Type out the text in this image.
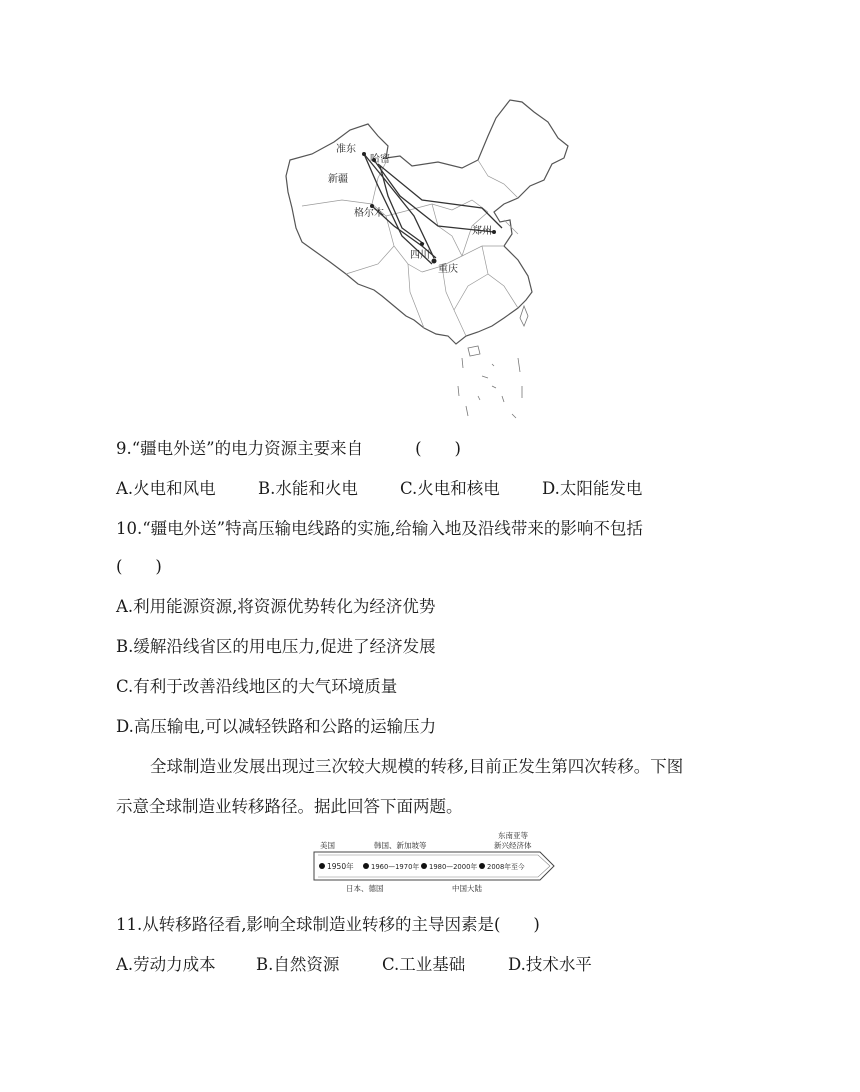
准东
哈密
新疆
格尔木
郑州
四川
重庆
9.“疆电外送”的电力资源主要来自	(　　)
A.火电和风电	B.水能和火电	C.火电和核电	D.太阳能发电
10.“疆电外送”特高压输电线路的实施,给输入地及沿线带来的影响不包括
(　　)
A.利用能源资源,将资源优势转化为经济优势
B.缓解沿线省区的用电压力,促进了经济发展
C.有利于改善沿线地区的大气环境质量
D.高压输电,可以减轻铁路和公路的运输压力
全球制造业发展出现过三次较大规模的转移,目前正发生第四次转移。下图
示意全球制造业转移路径。据此回答下面两题。
美国	韩国、新加坡等
东南亚等
新兴经济体
1950年	1960—1970年 1980—2000年 2008年至今
日本、德国	中国大陆
11.从转移路径看,影响全球制造业转移的主导因素是(　　)
A.劳动力成本 B.自然资源	C.工业基础	D.技术水平
